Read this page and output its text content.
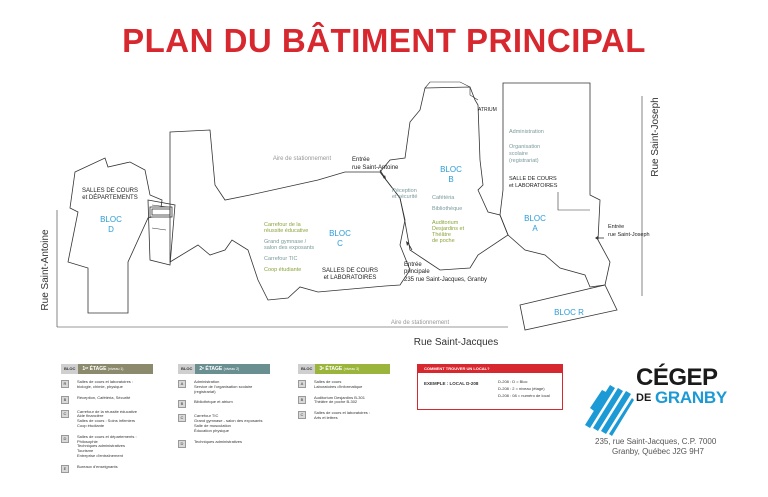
PLAN DU BÂTIMENT PRINCIPAL
Rue Saint-Antoine
Rue Saint-Joseph
Rue Saint-Jacques
Aire de stationnement
Aire de stationnement
SALLES DE COURS
et DÉPARTEMENTS
BLOC
D	Carrefour de la
réussite éducative
Grand gymnase /
salon des exposants
Carrefour TIC
Coop étudiante
BLOC
C
SALLES DE COURS
et LABORATOIRES
BLOC
B
Réception
et sécurité	Cafétéria
Bibliothèque
Auditorium
Desjardins et
Théâtre
de poche
ATRIUM
Administration
Organisation
scolaire
(registrariat)
SALLE DE COURS
et LABORATOIRES
BLOC
A
BLOC R
Entrée
rue Saint-Antoine
Entrée
principale
235 rue Saint-Jacques, Granby
Entrée
rue Saint-Joseph
BLOC	1ᵉʳ ÉTAGE (niveau 1)
R	Salles de cours et laboratoires :
biologie, chimie, physique
B	Réception, Cafétéria, Sécurité
C	Carrefour de la réussite éducative
Aide financière
Salles de cours : Soins infirmiers
Coop étudiante
D	Salles de cours et départements :
Philosophie
Techniques administratives
Tourisme
Entreprise d'entraînement
E	Bureaux d'enseignants
BLOC	2ᵉ ÉTAGE (niveau 2)
A	Administration
Service de l'organisation scolaire
(registrariat)
B	Bibliothèque et atrium
C	Carrefour TIC
Grand gymnase - salon des exposants
Salle de musculation
Éducation physique
D	Techniques administratives
BLOC	3ᵉ ÉTAGE (niveau 3)
A	Salles de cours
Laboratoires d'informatique
B	Auditorium Desjardins B-301
Théâtre de poche B-302
C	Salles de cours et laboratoires :
Arts et lettres
COMMENT TROUVER UN LOCAL?
EXEMPLE : LOCAL D-208	D-208 : D = Bloc
D-208 : 2 = niveau (étage)
D-208 : 08 = numéro de local
CÉGEP
DE GRANBY
235, rue Saint-Jacques, C.P. 7000
Granby, Québec J2G 9H7
